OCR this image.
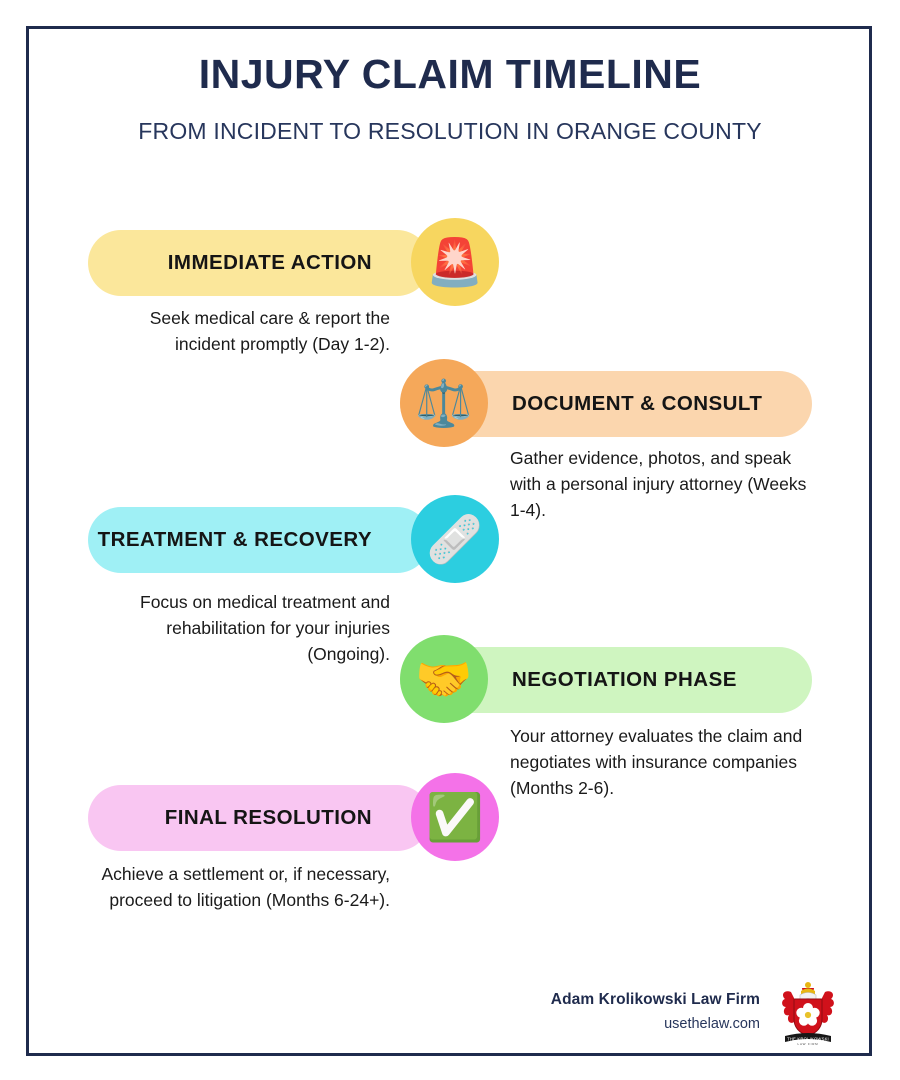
INJURY CLAIM TIMELINE
FROM INCIDENT TO RESOLUTION IN ORANGE COUNTY
IMMEDIATE ACTION 🚨
Seek medical care & report the incident promptly (Day 1-2).
DOCUMENT & CONSULT
⚖️
Gather evidence, photos, and speak with a personal injury attorney (Weeks 1-4).
TREATMENT & RECOVERY 🩹
Focus on medical treatment and rehabilitation for your injuries (Ongoing).
NEGOTIATION PHASE
🤝
Your attorney evaluates the claim and negotiates with insurance companies (Months 2-6).
FINAL RESOLUTION ✅
Achieve a settlement or, if necessary, proceed to litigation (Months 6-24+).
Adam Krolikowski Law Firm
usethelaw.com
THE KROLIKOWSKI
LAW FIRM
